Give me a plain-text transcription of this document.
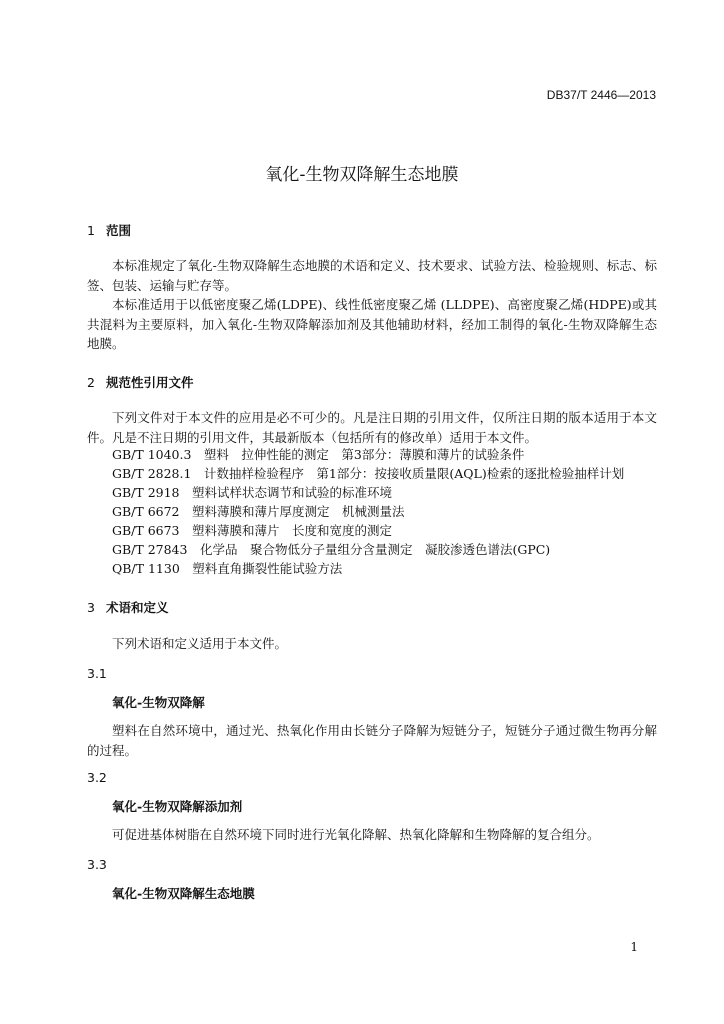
DB37/T 2446—2013
氧化-生物双降解生态地膜
1 范围
本标准规定了氧化-生物双降解生态地膜的术语和定义、技术要求、试验方法、检验规则、标志、标签、包装、运输与贮存等。
本标准适用于以低密度聚乙烯(LDPE)、线性低密度聚乙烯 (LLDPE)、高密度聚乙烯(HDPE)或其共混料为主要原料，加入氧化-生物双降解添加剂及其他辅助材料，经加工制得的氧化-生物双降解生态地膜。
2 规范性引用文件
下列文件对于本文件的应用是必不可少的。凡是注日期的引用文件，仅所注日期的版本适用于本文件。凡是不注日期的引用文件，其最新版本（包括所有的修改单）适用于本文件。
GB/T 1040.3　塑料　拉伸性能的测定　第3部分：薄膜和薄片的试验条件
GB/T 2828.1　计数抽样检验程序　第1部分：按接收质量限(AQL)检索的逐批检验抽样计划
GB/T 2918　塑料试样状态调节和试验的标准环境
GB/T 6672　塑料薄膜和薄片厚度测定　机械测量法
GB/T 6673　塑料薄膜和薄片　长度和宽度的测定
GB/T 27843　化学品　聚合物低分子量组分含量测定　凝胶渗透色谱法(GPC)
QB/T 1130　塑料直角撕裂性能试验方法
3 术语和定义
下列术语和定义适用于本文件。
3.1
氧化-生物双降解
塑料在自然环境中，通过光、热氧化作用由长链分子降解为短链分子，短链分子通过微生物再分解的过程。
3.2
氧化-生物双降解添加剂
可促进基体树脂在自然环境下同时进行光氧化降解、热氧化降解和生物降解的复合组分。
3.3
氧化-生物双降解生态地膜
1
